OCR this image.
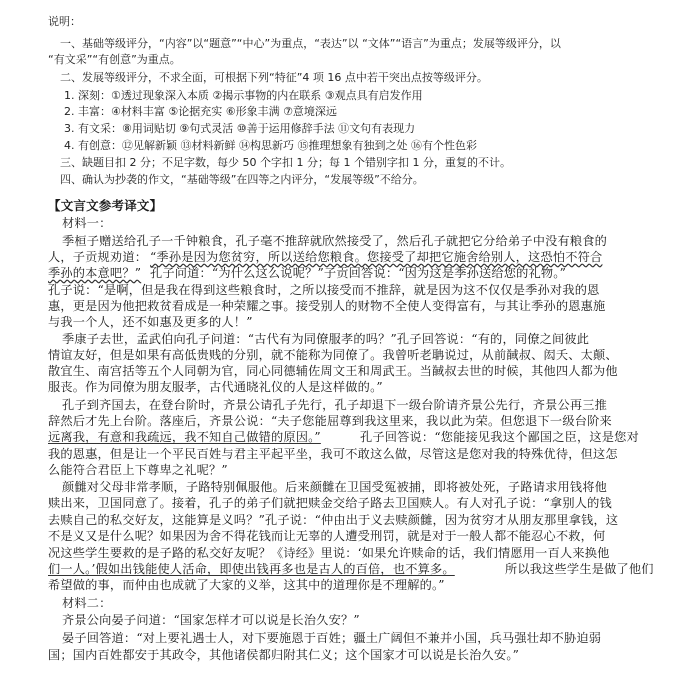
说明：
一、基础等级评分，“内容”以“题意”“中心”为重点，“表达”以 “文体”“语言”为重点；发展等级评分，以
“有文采”“有创意”为重点。
二、发展等级评分，不求全面，可根据下列“特征”4 项 16 点中若干突出点按等级评分。
1. 深刻：①透过现象深入本质 ②揭示事物的内在联系 ③观点具有启发作用
2. 丰富：④材料丰富 ⑤论据充实 ⑥形象丰满 ⑦意境深远
3. 有文采：⑧用词贴切 ⑨句式灵活 ⑩善于运用修辞手法 ⑪文句有表现力
4. 有创意：⑫见解新颖 ⑬材料新鲜 ⑭构思新巧 ⑮推理想象有独到之处 ⑯有个性色彩
三、缺题目扣 2 分；不足字数，每少 50 个字扣 1 分；每 1 个错别字扣 1 分，重复的不计。
四、确认为抄袭的作文，“基础等级”在四等之内评分，“发展等级”不给分。
【文言文参考译文】
材料一：
季桓子赠送给孔子一千钟粮食，孔子毫不推辞就欣然接受了，然后孔子就把它分给弟子中没有粮食的
人，子贡规劝道： “季孙是因为您贫穷，所以送给您粮食。您接受了却把它施舍给别人，这恐怕不符合
季孙的本意吧？” 孔子问道：“为什么这么说呢？”子贡回答说：“因为这是季孙送给您的礼物。”
孔子说：“是啊，但是我在得到这些粮食时，之所以接受而不推辞，就是因为这不仅仅是季孙对我的恩
惠，更是因为他把救贫看成是一种荣耀之事。接受别人的财物不全使人变得富有，与其让季孙的恩惠施
与我一个人，还不如惠及更多的人！”
季康子去世，孟武伯向孔子问道：“古代有为同僚服孝的吗？”孔子回答说：“有的，同僚之间彼此
情谊友好，但是如果有高低贵贱的分别，就不能称为同僚了。我曾听老聃说过，从前馘叔、闳夭、太颠、
散宜生、南宫括等五个人同朝为官，同心同德辅佐周文王和周武王。当馘叔去世的时候，其他四人都为他
服丧。作为同僚为朋友服孝，古代通晓礼仪的人是这样做的。”
孔子到齐国去，在登台阶时，齐景公请孔子先行，孔子却退下一级台阶请齐景公先行，齐景公再三推
辞然后才先上台阶。落座后，齐景公说：“夫子您能屈尊到我这里来，我以此为荣。但您退下一级台阶来
远离我，有意和我疏远，我不知自己做错的原因。”	孔子回答说：“您能接见我这个鄙国之臣，这是您对
我的恩惠，但是让一个平民百姓与君主平起平坐，我可不敢这么做，尽管这是您对我的特殊优待，但这怎
么能符合君臣上下尊卑之礼呢？”
颜雠对父母非常孝顺，子路特别佩服他。后来颜雠在卫国受冤被捕，即将被处死，子路请求用钱将他
赎出来，卫国同意了。接着，孔子的弟子们就把赎金交给子路去卫国赎人。有人对孔子说：“拿别人的钱
去赎自己的私交好友，这能算是义吗？”孔子说：“仲由出于义去赎颜雠，因为贫穷才从朋友那里拿钱，这
不是义又是什么呢？如果因为舍不得花钱而让无辜的人遭受刑罚，就是对于一般人都不能忍心不救，何
况这些学生要救的是子路的私交好友呢？《诗经》里说：‘如果允许赎命的话，我们情愿用一百人来换他
们一人。’假如出钱能使人活命，即使出钱再多也是古人的百倍，也不算多。	所以我这些学生是做了他们
希望做的事，而仲由也成就了大家的义举，这其中的道理你是不理解的。”
材料二：
齐景公向晏子问道：“国家怎样才可以说是长治久安？”
晏子回答道：“对上要礼遇士人，对下要施恩于百姓；疆土广阔但不兼并小国，兵马强壮却不胁迫弱
国；国内百姓都安于其政令，其他诸侯都归附其仁义；这个国家才可以说是长治久安。”
